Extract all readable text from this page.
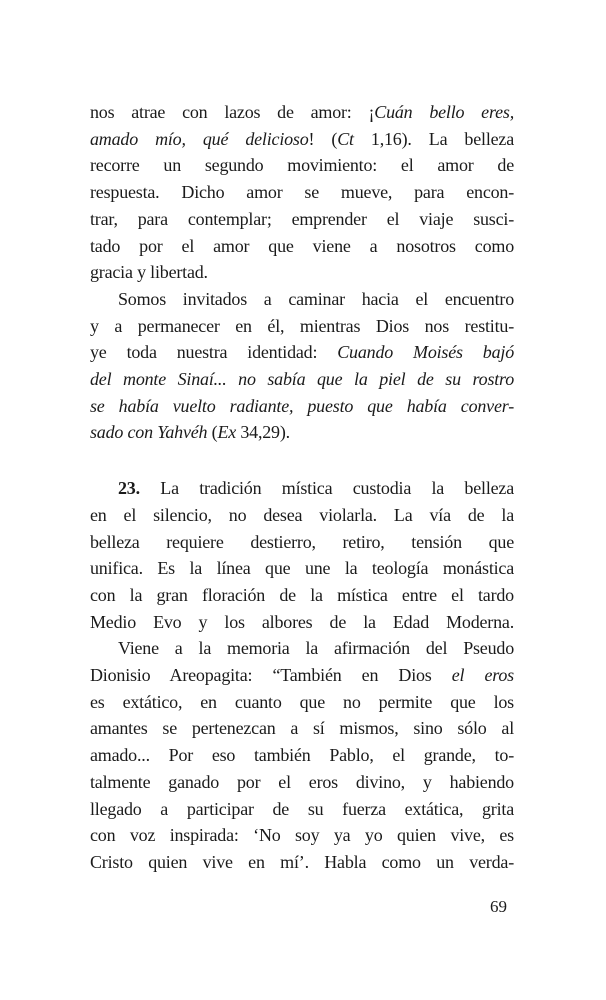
nos atrae con lazos de amor: ¡Cuán bello eres,
amado mío, qué delicioso! (Ct 1,16). La belleza
recorre un segundo movimiento: el amor de
respuesta. Dicho amor se mueve, para encon-
trar, para contemplar; emprender el viaje susci-
tado por el amor que viene a nosotros como
gracia y libertad.
Somos invitados a caminar hacia el encuentro
y a permanecer en él, mientras Dios nos restitu-
ye toda nuestra identidad: Cuando Moisés bajó
del monte Sinaí... no sabía que la piel de su rostro
se había vuelto radiante, puesto que había conver-
sado con Yahvéh (Ex 34,29).
23. La tradición mística custodia la belleza
en el silencio, no desea violarla. La vía de la
belleza requiere destierro, retiro, tensión que
unifica. Es la línea que une la teología monástica
con la gran floración de la mística entre el tardo
Medio Evo y los albores de la Edad Moderna.
Viene a la memoria la afirmación del Pseudo
Dionisio Areopagita: “También en Dios el eros
es extático, en cuanto que no permite que los
amantes se pertenezcan a sí mismos, sino sólo al
amado... Por eso también Pablo, el grande, to-
talmente ganado por el eros divino, y habiendo
llegado a participar de su fuerza extática, grita
con voz inspirada: ‘No soy ya yo quien vive, es
Cristo quien vive en mí’. Habla como un verda-
69
